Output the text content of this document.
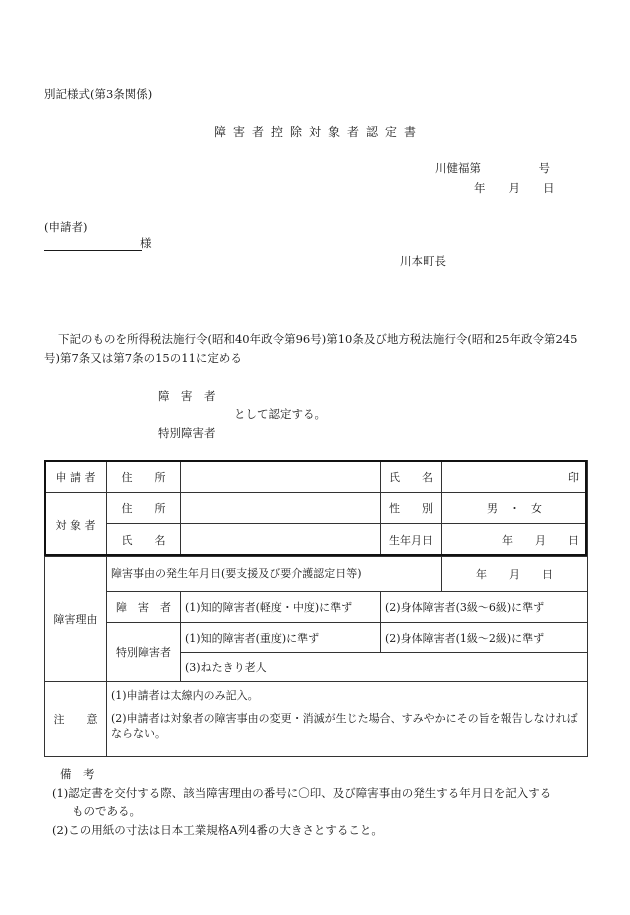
別記様式(第3条関係)
障害者控除対象者認定書
川健福第　　　　　号
年　　月　　日
(申請者)
様
川本町長
下記のものを所得税法施行令(昭和40年政令第96号)第10条及び地方税法施行令(昭和25年政令第245
号)第7条又は第7条の15の11に定める
障　害　者
として認定する。
特別障害者
申 請 者	住　　所		氏　　名	印
対 象 者	住　　所		性　　別	男　・　女
	氏　　名		生年月日	年　　月　　日
障害理由	障害事由の発生年月日(要支援及び要介護認定日等)			年　　月　　日
	障　害　者	(1)知的障害者(軽度・中度)に準ず	(2)身体障害者(3級〜6級)に準ず	
	特別障害者	(1)知的障害者(重度)に準ず	(2)身体障害者(1級〜2級)に準ず	
		(3)ねたきり老人		
注　　意	(1)申請者は太線内のみ記入。
(2)申請者は対象者の障害事由の変更・消滅が生じた場合、すみやかにその旨を報告しなければならない。			
備　考
(1)認定書を交付する際、該当障害理由の番号に〇印、及び障害事由の発生する年月日を記入する
ものである。
(2)この用紙の寸法は日本工業規格A列4番の大きさとすること。
